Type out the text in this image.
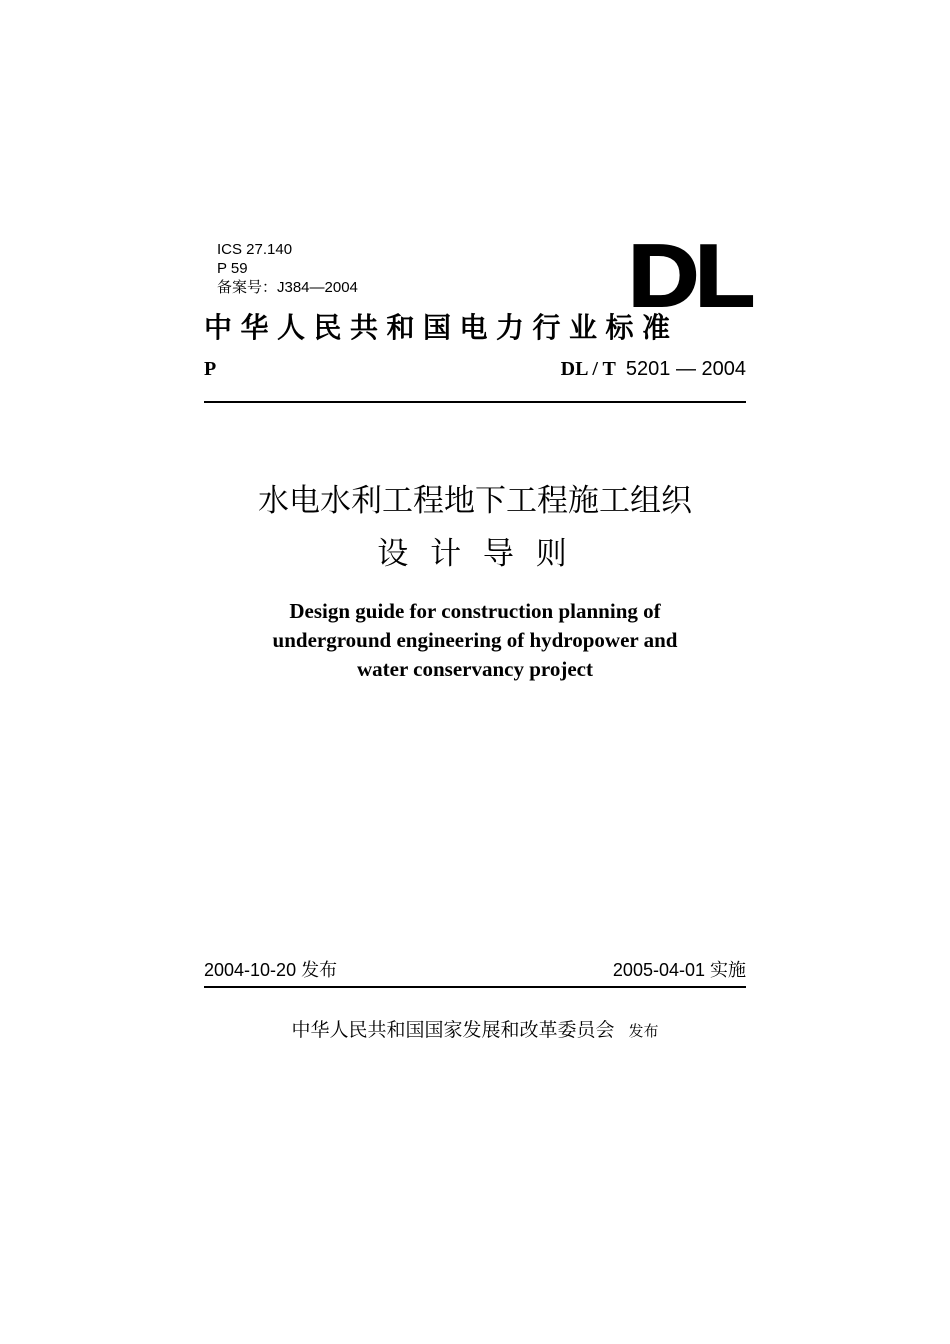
ICS 27.140
P 59
备案号：J384—2004	DL
中华人民共和国电力行业标准
P	DL / T 5201 — 2004
水电水利工程地下工程施工组织
设 计 导 则
Design guide for construction planning of
underground engineering of hydropower and
water conservancy project
2004-10-20 发布	2005-04-01 实施
中华人民共和国国家发展和改革委员会 发布
